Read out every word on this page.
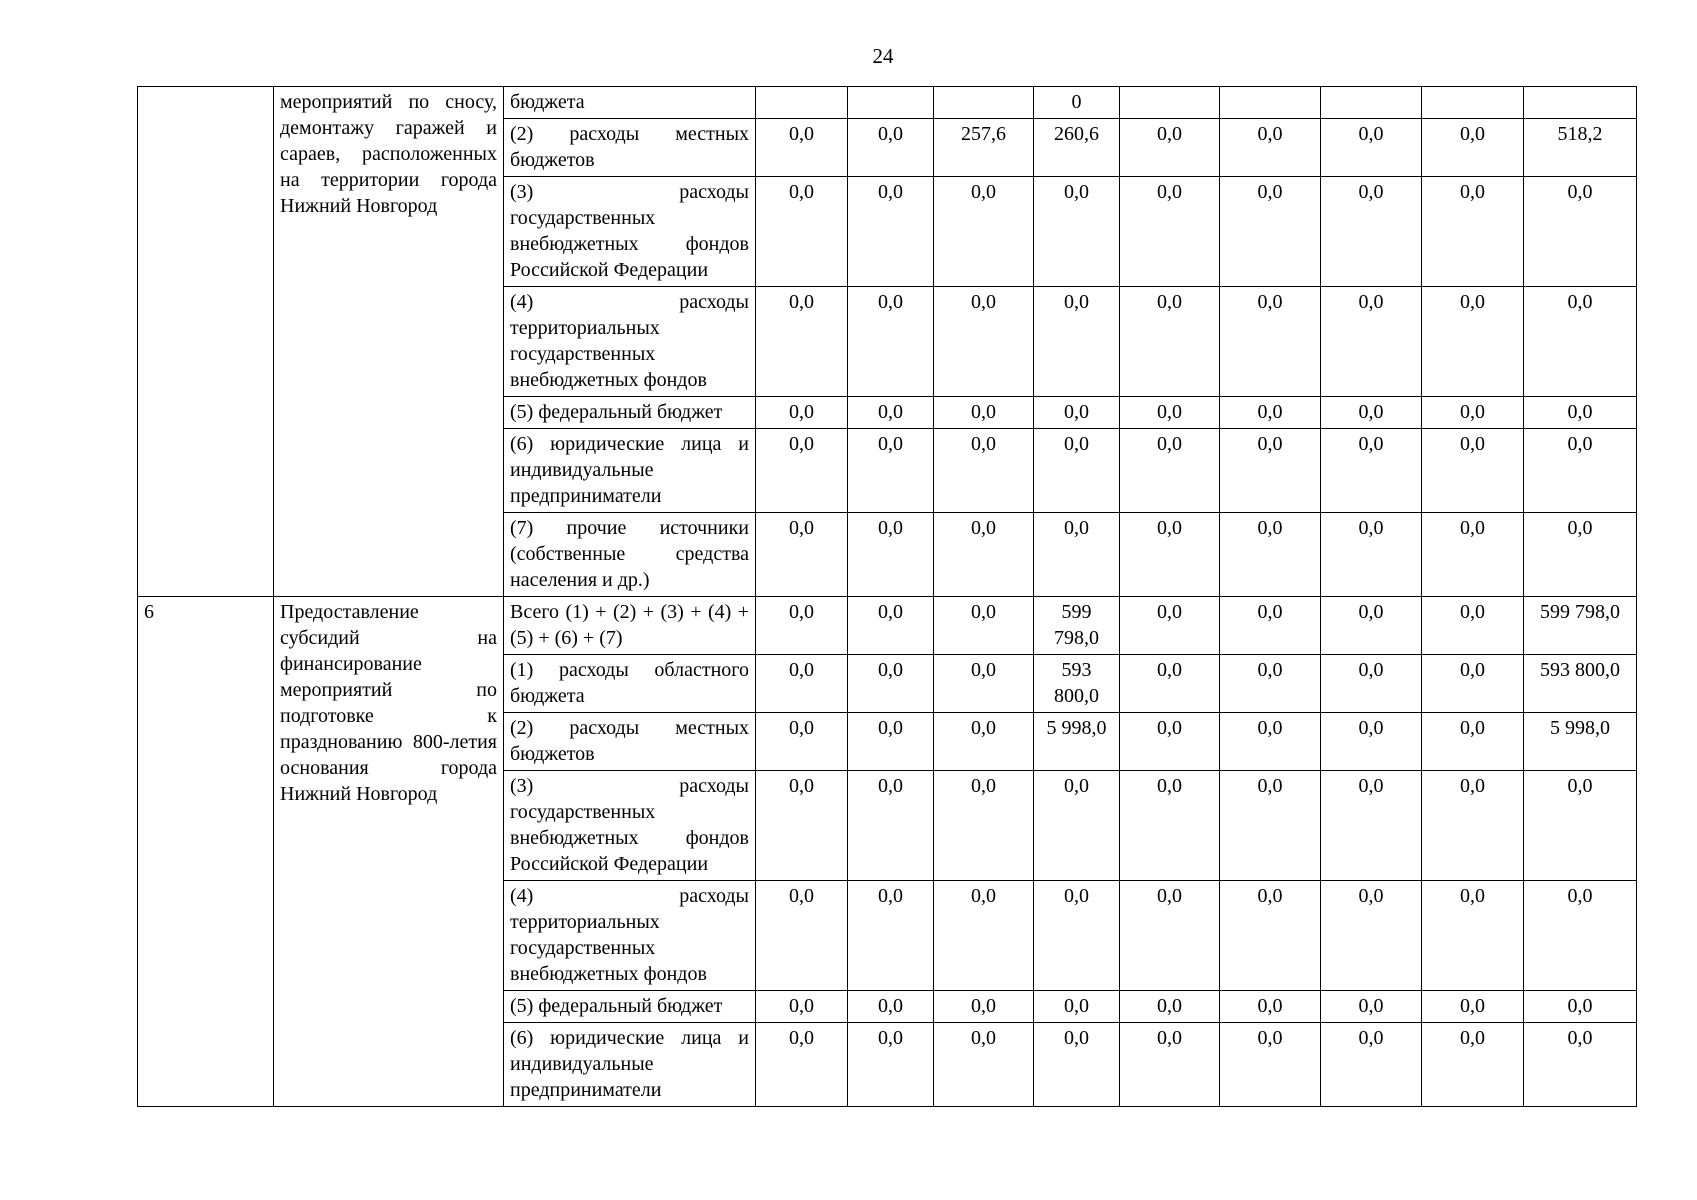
24
	мероприятий по сносу, демонтажу гаражей и сараев, расположенных на территории города Нижний Новгород	бюджета				0					
		(2) расходы местных бюджетов	0,0	0,0	257,6	260,6	0,0	0,0	0,0	0,0	518,2
		(3) расходы государственных внебюджетных фондов Российской Федерации	0,0	0,0	0,0	0,0	0,0	0,0	0,0	0,0	0,0
		(4) расходы территориальных государственных внебюджетных фондов	0,0	0,0	0,0	0,0	0,0	0,0	0,0	0,0	0,0
		(5) федеральный бюджет	0,0	0,0	0,0	0,0	0,0	0,0	0,0	0,0	0,0
		(6) юридические лица и индивидуальные предприниматели	0,0	0,0	0,0	0,0	0,0	0,0	0,0	0,0	0,0
		(7) прочие источники (собственные средства населения и др.)	0,0	0,0	0,0	0,0	0,0	0,0	0,0	0,0	0,0
6	Предоставление субсидий на финансирование мероприятий по подготовке к празднованию 800-летия основания города Нижний Новгород	Всего (1) + (2) + (3) + (4) + (5) + (6) + (7)	0,0	0,0	0,0	599 798,0	0,0	0,0	0,0	0,0	599 798,0
		(1) расходы областного бюджета	0,0	0,0	0,0	593 800,0	0,0	0,0	0,0	0,0	593 800,0
		(2) расходы местных бюджетов	0,0	0,0	0,0	5 998,0	0,0	0,0	0,0	0,0	5 998,0
		(3) расходы государственных внебюджетных фондов Российской Федерации	0,0	0,0	0,0	0,0	0,0	0,0	0,0	0,0	0,0
		(4) расходы территориальных государственных внебюджетных фондов	0,0	0,0	0,0	0,0	0,0	0,0	0,0	0,0	0,0
		(5) федеральный бюджет	0,0	0,0	0,0	0,0	0,0	0,0	0,0	0,0	0,0
		(6) юридические лица и индивидуальные предприниматели	0,0	0,0	0,0	0,0	0,0	0,0	0,0	0,0	0,0
